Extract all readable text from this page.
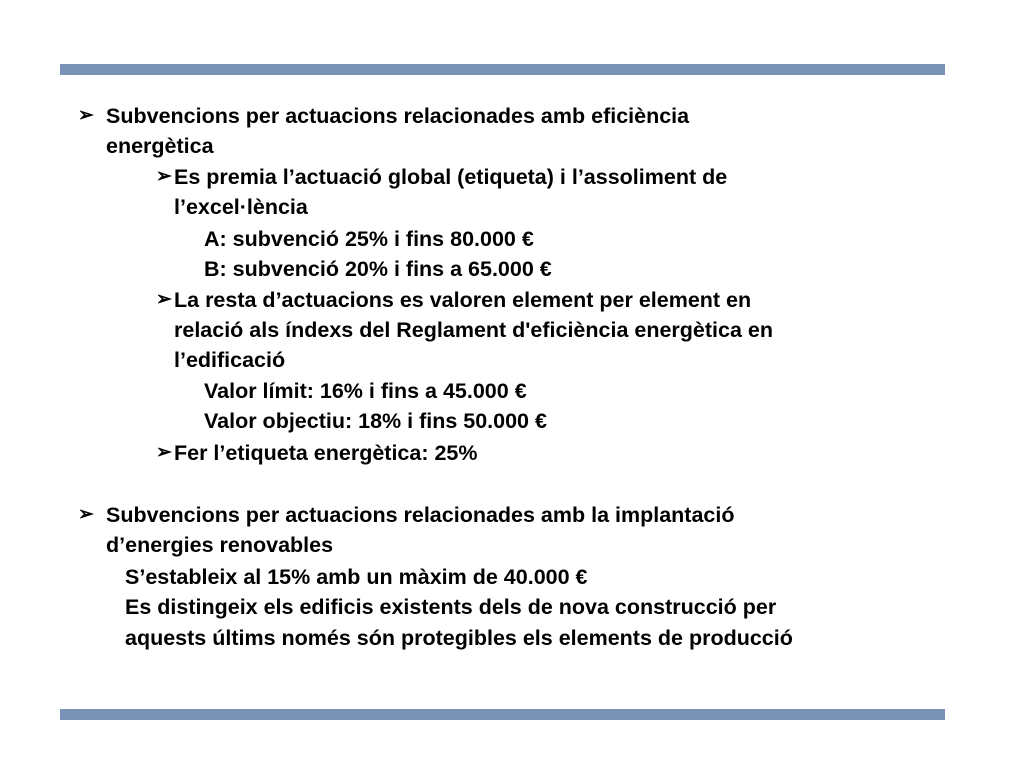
➢ Subvencions per actuacions relacionades amb eficiència
energètica
➢ Es premia l’actuació global (etiqueta) i l’assoliment de
l’excel·lència
A: subvenció 25% i fins 80.000 €
B: subvenció 20% i fins a 65.000 €
➢ La resta d’actuacions es valoren element per element en
relació als índexs del Reglament d'eficiència energètica en
l’edificació
Valor límit: 16% i fins a 45.000 €
Valor objectiu: 18% i fins 50.000 €
➢ Fer l’etiqueta energètica: 25%
➢ Subvencions per actuacions relacionades amb la implantació
d’energies renovables
S’estableix al 15% amb un màxim de 40.000 €
Es distingeix els edificis existents dels de nova construcció per
aquests últims només són protegibles els elements de producció
